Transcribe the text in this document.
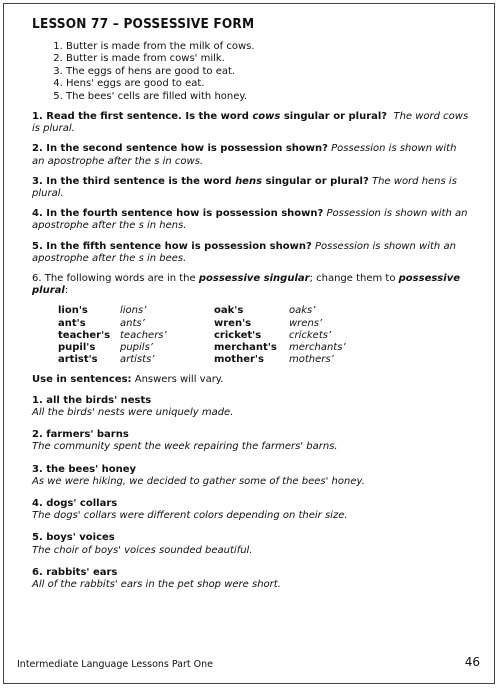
LESSON 77 – POSSESSIVE FORM
1. Butter is made from the milk of cows.
2. Butter is made from cows' milk.
3. The eggs of hens are good to eat.
4. Hens' eggs are good to eat.
5. The bees' cells are filled with honey.

1. Read the first sentence. Is the word cows singular or plural? The word cows is plural.

2. In the second sentence how is possession shown? Possession is shown with an apostrophe after the s in cows.

3. In the third sentence is the word hens singular or plural? The word hens is plural.

4. In the fourth sentence how is possession shown? Possession is shown with an apostrophe after the s in hens.

5. In the fifth sentence how is possession shown? Possession is shown with an apostrophe after the s in bees.

6. The following words are in the possessive singular; change them to possessive plural:

lion's	lions’	oak's	oaks’
ant's	ants’	wren's	wrens’
teacher's	teachers’	cricket's	crickets’
pupil's	pupils’	merchant's	merchants’
artist's	artists’	mother's	mothers’

Use in sentences: Answers will vary.

1. all the birds' nests

All the birds' nests were uniquely made.

2. farmers' barns

The community spent the week repairing the farmers' barns.

3. the bees' honey

As we were hiking, we decided to gather some of the bees' honey.

4. dogs' collars

The dogs' collars were different colors depending on their size.

5. boys' voices

The choir of boys' voices sounded beautiful.

6. rabbits' ears

All of the rabbits' ears in the pet shop were short.

Intermediate Language Lessons Part One	46
